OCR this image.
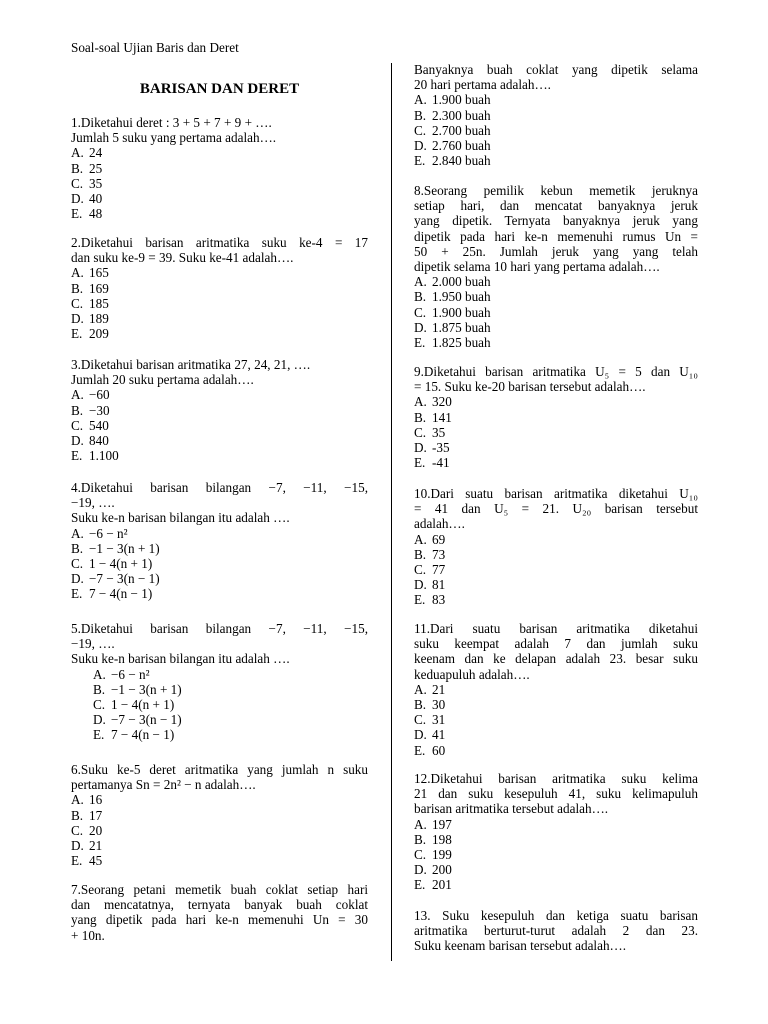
Soal-soal Ujian Baris dan Deret
BARISAN DAN DERET
1.Diketahui deret : 3 + 5 + 7 + 9 + ….
Jumlah 5 suku yang pertama adalah….
A. 24
B. 25
C. 35
D. 40
E. 48
2.Diketahui barisan aritmatika suku ke-4 = 17
dan suku ke-9 = 39. Suku ke-41 adalah….
A. 165
B. 169
C. 185
D. 189
E. 209
3.Diketahui barisan aritmatika 27, 24, 21, ….
Jumlah 20 suku pertama adalah….
A. −60
B. −30
C. 540
D. 840
E. 1.100
4.Diketahui barisan bilangan −7, −11, −15,
−19, ….
Suku ke-n barisan bilangan itu adalah ….
A. −6 − n²
B. −1 − 3(n + 1)
C. 1 − 4(n + 1)
D. −7 − 3(n − 1)
E. 7 − 4(n − 1)
5.Diketahui barisan bilangan −7, −11, −15,
−19, ….
Suku ke-n barisan bilangan itu adalah ….
A. −6 − n²
B. −1 − 3(n + 1)
C. 1 − 4(n + 1)
D. −7 − 3(n − 1)
E. 7 − 4(n − 1)
6.Suku ke-5 deret aritmatika yang jumlah n suku
pertamanya Sn = 2n² − n adalah….
A. 16
B. 17
C. 20
D. 21
E. 45
7.Seorang petani memetik buah coklat setiap hari
dan mencatatnya, ternyata banyak buah coklat
yang dipetik pada hari ke-n memenuhi Un = 30
+ 10n.
Banyaknya buah coklat yang dipetik selama
20 hari pertama adalah….
A. 1.900 buah
B. 2.300 buah
C. 2.700 buah
D. 2.760 buah
E. 2.840 buah
8.Seorang pemilik kebun memetik jeruknya
setiap hari, dan mencatat banyaknya jeruk
yang dipetik. Ternyata banyaknya jeruk yang
dipetik pada hari ke-n memenuhi rumus Un =
50 + 25n. Jumlah jeruk yang yang telah
dipetik selama 10 hari yang pertama adalah….
A. 2.000 buah
B. 1.950 buah
C. 1.900 buah
D. 1.875 buah
E. 1.825 buah
9.Diketahui barisan aritmatika U₅ = 5 dan U₁₀
= 15. Suku ke-20 barisan tersebut adalah….
A. 320
B. 141
C. 35
D. -35
E. -41
10.Dari suatu barisan aritmatika diketahui U₁₀
= 41 dan U₅ = 21. U₂₀ barisan tersebut
adalah….
A. 69
B. 73
C. 77
D. 81
E. 83
11.Dari suatu barisan aritmatika diketahui
suku keempat adalah 7 dan jumlah suku
keenam dan ke delapan adalah 23. besar suku
keduapuluh adalah….
A. 21
B. 30
C. 31
D. 41
E. 60
12.Diketahui barisan aritmatika suku kelima
21 dan suku kesepuluh 41, suku kelimapuluh
barisan aritmatika tersebut adalah….
A. 197
B. 198
C. 199
D. 200
E. 201
13. Suku kesepuluh dan ketiga suatu barisan
aritmatika berturut-turut adalah 2 dan 23.
Suku keenam barisan tersebut adalah….
